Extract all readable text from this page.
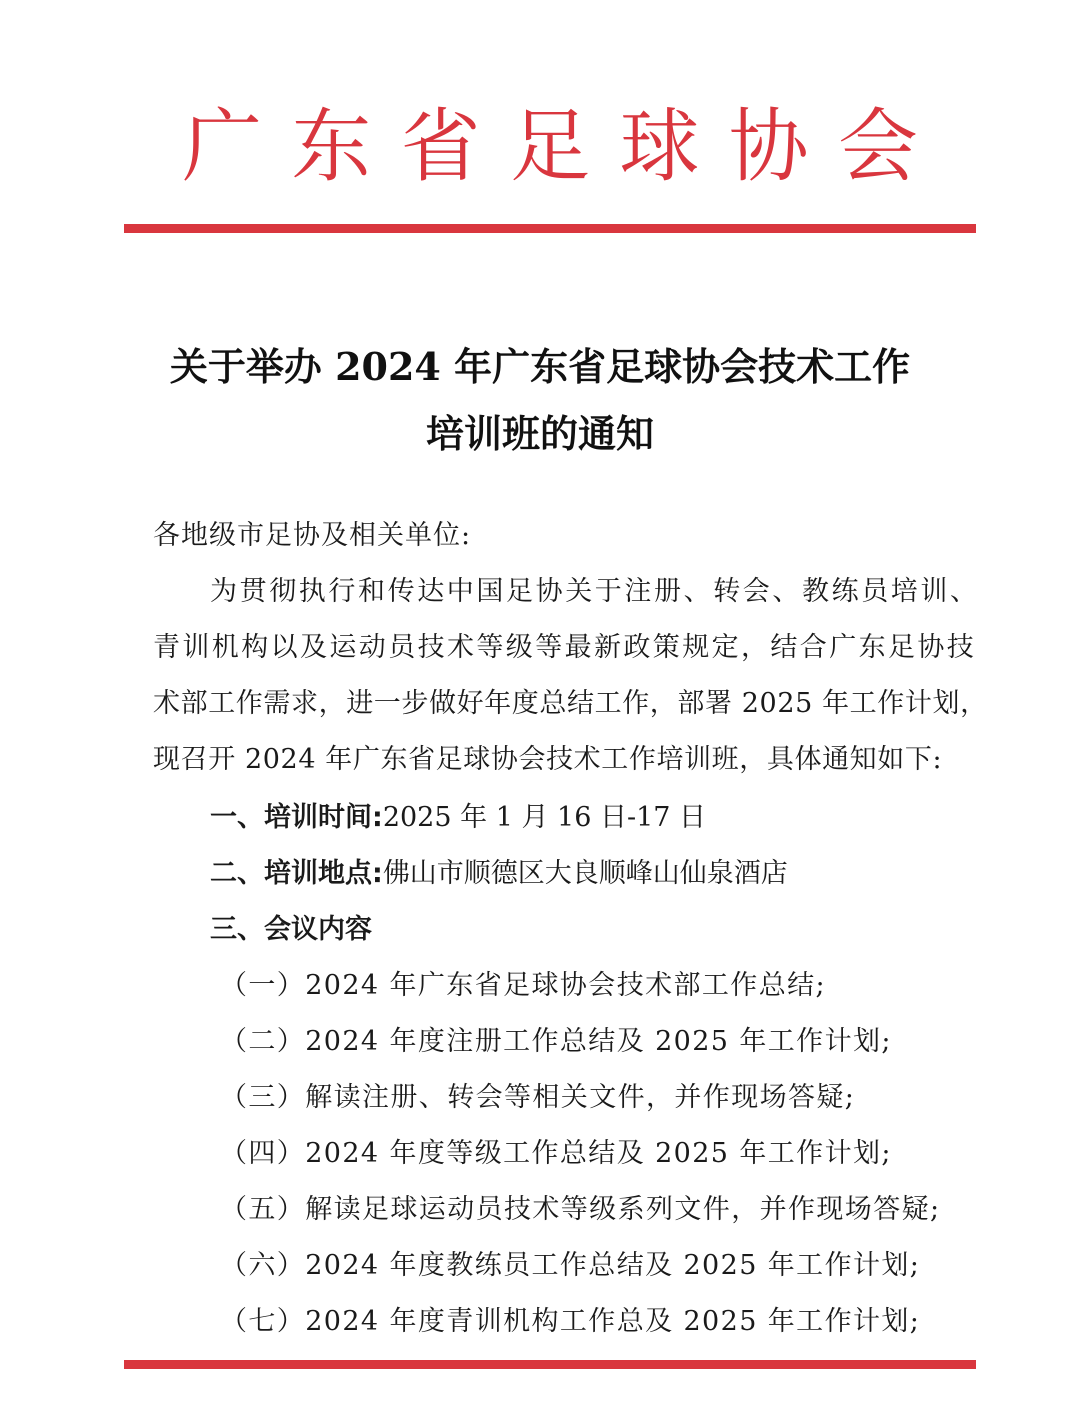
广 东 省 足 球 协 会
关于举办 2024 年广东省足球协会技术工作
培训班的通知
各地级市足协及相关单位:
为贯彻执行和传达中国足协关于注册、转会、教练员培训、
青训机构以及运动员技术等级等最新政策规定，结合广东足协技
术部工作需求，进一步做好年度总结工作，部署 2025 年工作计划，
现召开 2024 年广东省足球协会技术工作培训班，具体通知如下:
一、培训时间:2025 年 1 月 16 日-17 日
二、培训地点:佛山市顺德区大良顺峰山仙泉酒店
三、会议内容
（一）2024 年广东省足球协会技术部工作总结;
（二）2024 年度注册工作总结及 2025 年工作计划;
（三）解读注册、转会等相关文件，并作现场答疑;
（四）2024 年度等级工作总结及 2025 年工作计划;
（五）解读足球运动员技术等级系列文件，并作现场答疑;
（六）2024 年度教练员工作总结及 2025 年工作计划;
（七）2024 年度青训机构工作总及 2025 年工作计划;
